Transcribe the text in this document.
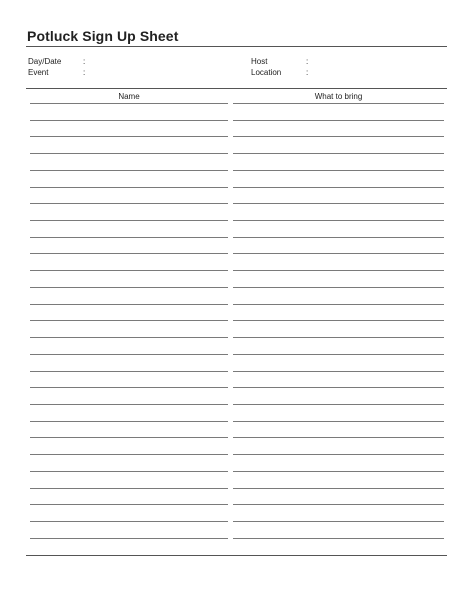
Potluck Sign Up Sheet
Day/Date	:
Event	:
Host	:
Location	:
Name	What to bring
